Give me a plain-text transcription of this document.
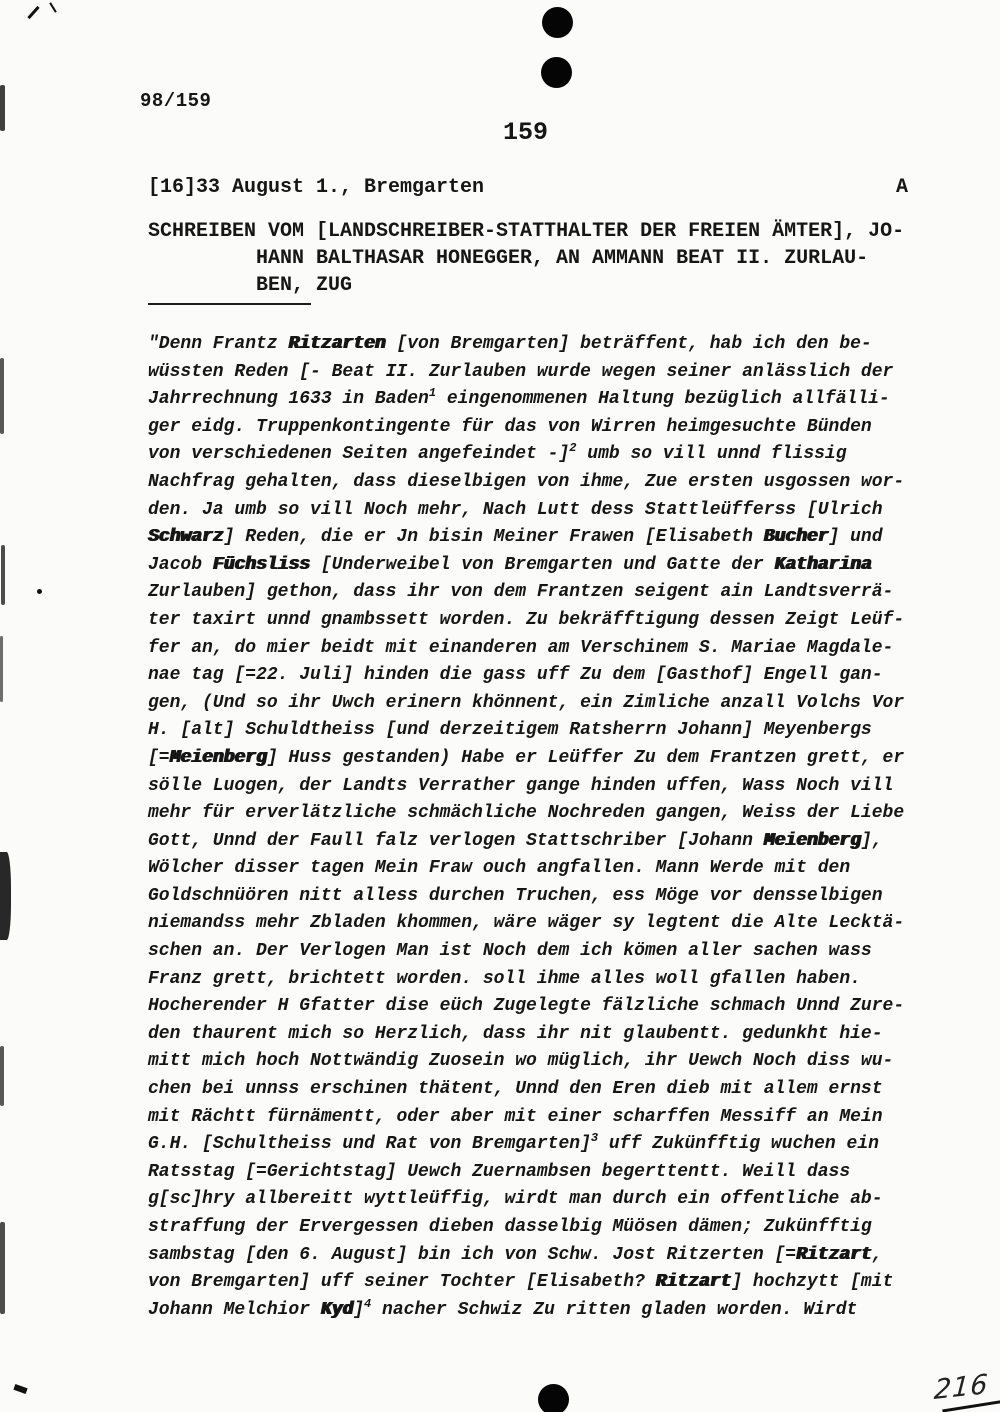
98/159
159
[16]33 August 1., Bremgarten	A
SCHREIBEN VOM [LANDSCHREIBER-STATTHALTER DER FREIEN ÄMTER], JO-
HANN BALTHASAR HONEGGER, AN AMMANN BEAT II. ZURLAU-
BEN, ZUG
"Denn Frantz Ritzarten [von Bremgarten] beträffent, hab ich den be-
wüssten Reden [- Beat II. Zurlauben wurde wegen seiner anlässlich der
Jahrrechnung 1633 in Baden$^1$ eingenommenen Haltung bezüglich allfälli-
ger eidg. Truppenkontingente für das von Wirren heimgesuchte Bünden
von verschiedenen Seiten angefeindet -]$^2$ umb so vill unnd flissig
Nachfrag gehalten, dass dieselbigen von ihme, Zue ersten usgossen wor-
den. Ja umb so vill Noch mehr, Nach Lutt dess Stattleüfferss [Ulrich
Schwarz] Reden, die er Jn bisin Meiner Frawen [Elisabeth Bucher] und
Jacob Füchsliss [Underweibel von Bremgarten und Gatte der Katharina
Zurlauben] gethon, dass ihr von dem Frantzen seigent ain Landtsverrä-
ter taxirt unnd gnambssett worden. Zu bekräfftigung dessen Zeigt Leüf-
fer an, do mier beidt mit einanderen am Verschinem S. Mariae Magdale-
nae tag [=22. Juli] hinden die gass uff Zu dem [Gasthof] Engell gan-
gen, (Und so ihr Uwch erinern khönnent, ein Zimliche anzall Volchs Vor
H. [alt] Schuldtheiss [und derzeitigem Ratsherrn Johann] Meyenbergs
[=Meienberg] Huss gestanden) Habe er Leüffer Zu dem Frantzen grett, er
sölle Luogen, der Landts Verrather gange hinden uffen, Wass Noch vill
mehr für erverlätzliche schmächliche Nochreden gangen, Weiss der Liebe
Gott, Unnd der Faull falz verlogen Stattschriber [Johann Meienberg],
Wölcher disser tagen Mein Fraw ouch angfallen. Mann Werde mit den
Goldschnüören nitt alless durchen Truchen, ess Möge vor densselbigen
niemandss mehr Zbladen khommen, wäre wäger sy legtent die Alte Lecktä-
schen an. Der Verlogen Man ist Noch dem ich kömen aller sachen wass
Franz grett, brichtett worden. soll ihme alles woll gfallen haben.
Hocherender H Gfatter dise eüch Zugelegte fälzliche schmach Unnd Zure-
den thaurent mich so Herzlich, dass ihr nit glaubentt. gedunkht hie-
mitt mich hoch Nottwändig Zuosein wo müglich, ihr Uewch Noch diss wu-
chen bei unnss erschinen thätent, Unnd den Eren dieb mit allem ernst
mit Rächtt fürnämentt, oder aber mit einer scharffen Messiff an Mein
G.H. [Schultheiss und Rat von Bremgarten]$^3$ uff Zukünfftig wuchen ein
Ratsstag [=Gerichtstag] Uewch Zuernambsen begerttentt. Weill dass
g[sc]hry allbereitt wyttleüffig, wirdt man durch ein offentliche ab-
straffung der Ervergessen dieben dasselbig Müösen dämen; Zukünfftig
sambstag [den 6. August] bin ich von Schw. Jost Ritzerten [=Ritzart,
von Bremgarten] uff seiner Tochter [Elisabeth? Ritzart] hochzytt [mit
Johann Melchior Kyd]$^4$ nacher Schwiz Zu ritten gladen worden. Wirdt
216
